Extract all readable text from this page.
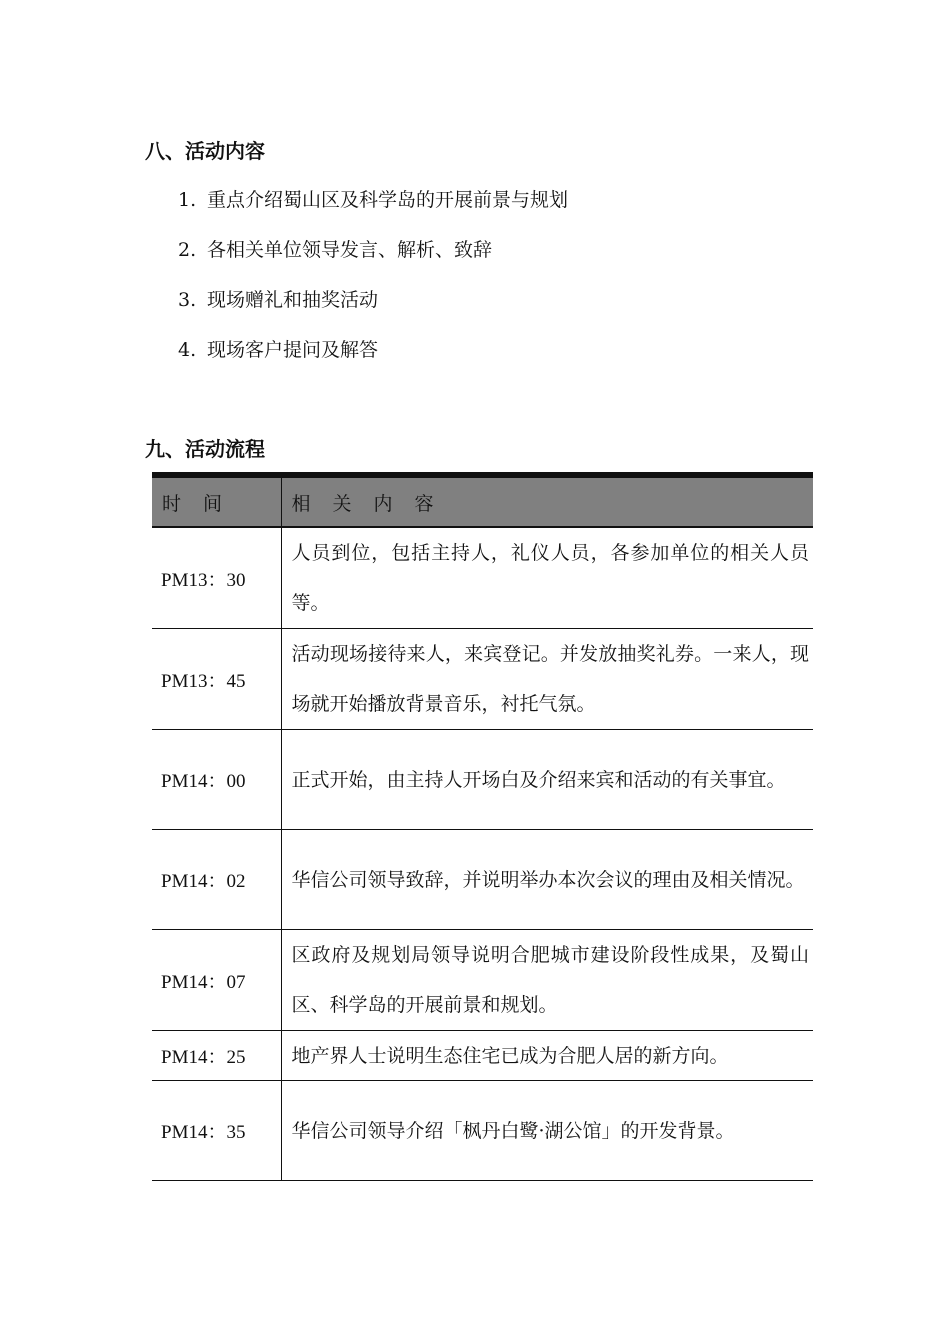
八、活动内容
1. 重点介绍蜀山区及科学岛的开展前景与规划
2. 各相关单位领导发言、解析、致辞
3. 现场赠礼和抽奖活动
4. 现场客户提问及解答
九、活动流程
时间	相关内容
PM13：30	人员到位，包括主持人，礼仪人员，各参加单位的相关人员等。
PM13：45	活动现场接待来人，来宾登记。并发放抽奖礼券。一来人，现场就开始播放背景音乐，衬托气氛。
PM14：00	正式开始，由主持人开场白及介绍来宾和活动的有关事宜。
PM14：02	华信公司领导致辞，并说明举办本次会议的理由及相关情况。
PM14：07	区政府及规划局领导说明合肥城市建设阶段性成果，及蜀山区、科学岛的开展前景和规划。
PM14：25	地产界人士说明生态住宅已成为合肥人居的新方向。
PM14：35	华信公司领导介绍「枫丹白鹭·湖公馆」的开发背景。
